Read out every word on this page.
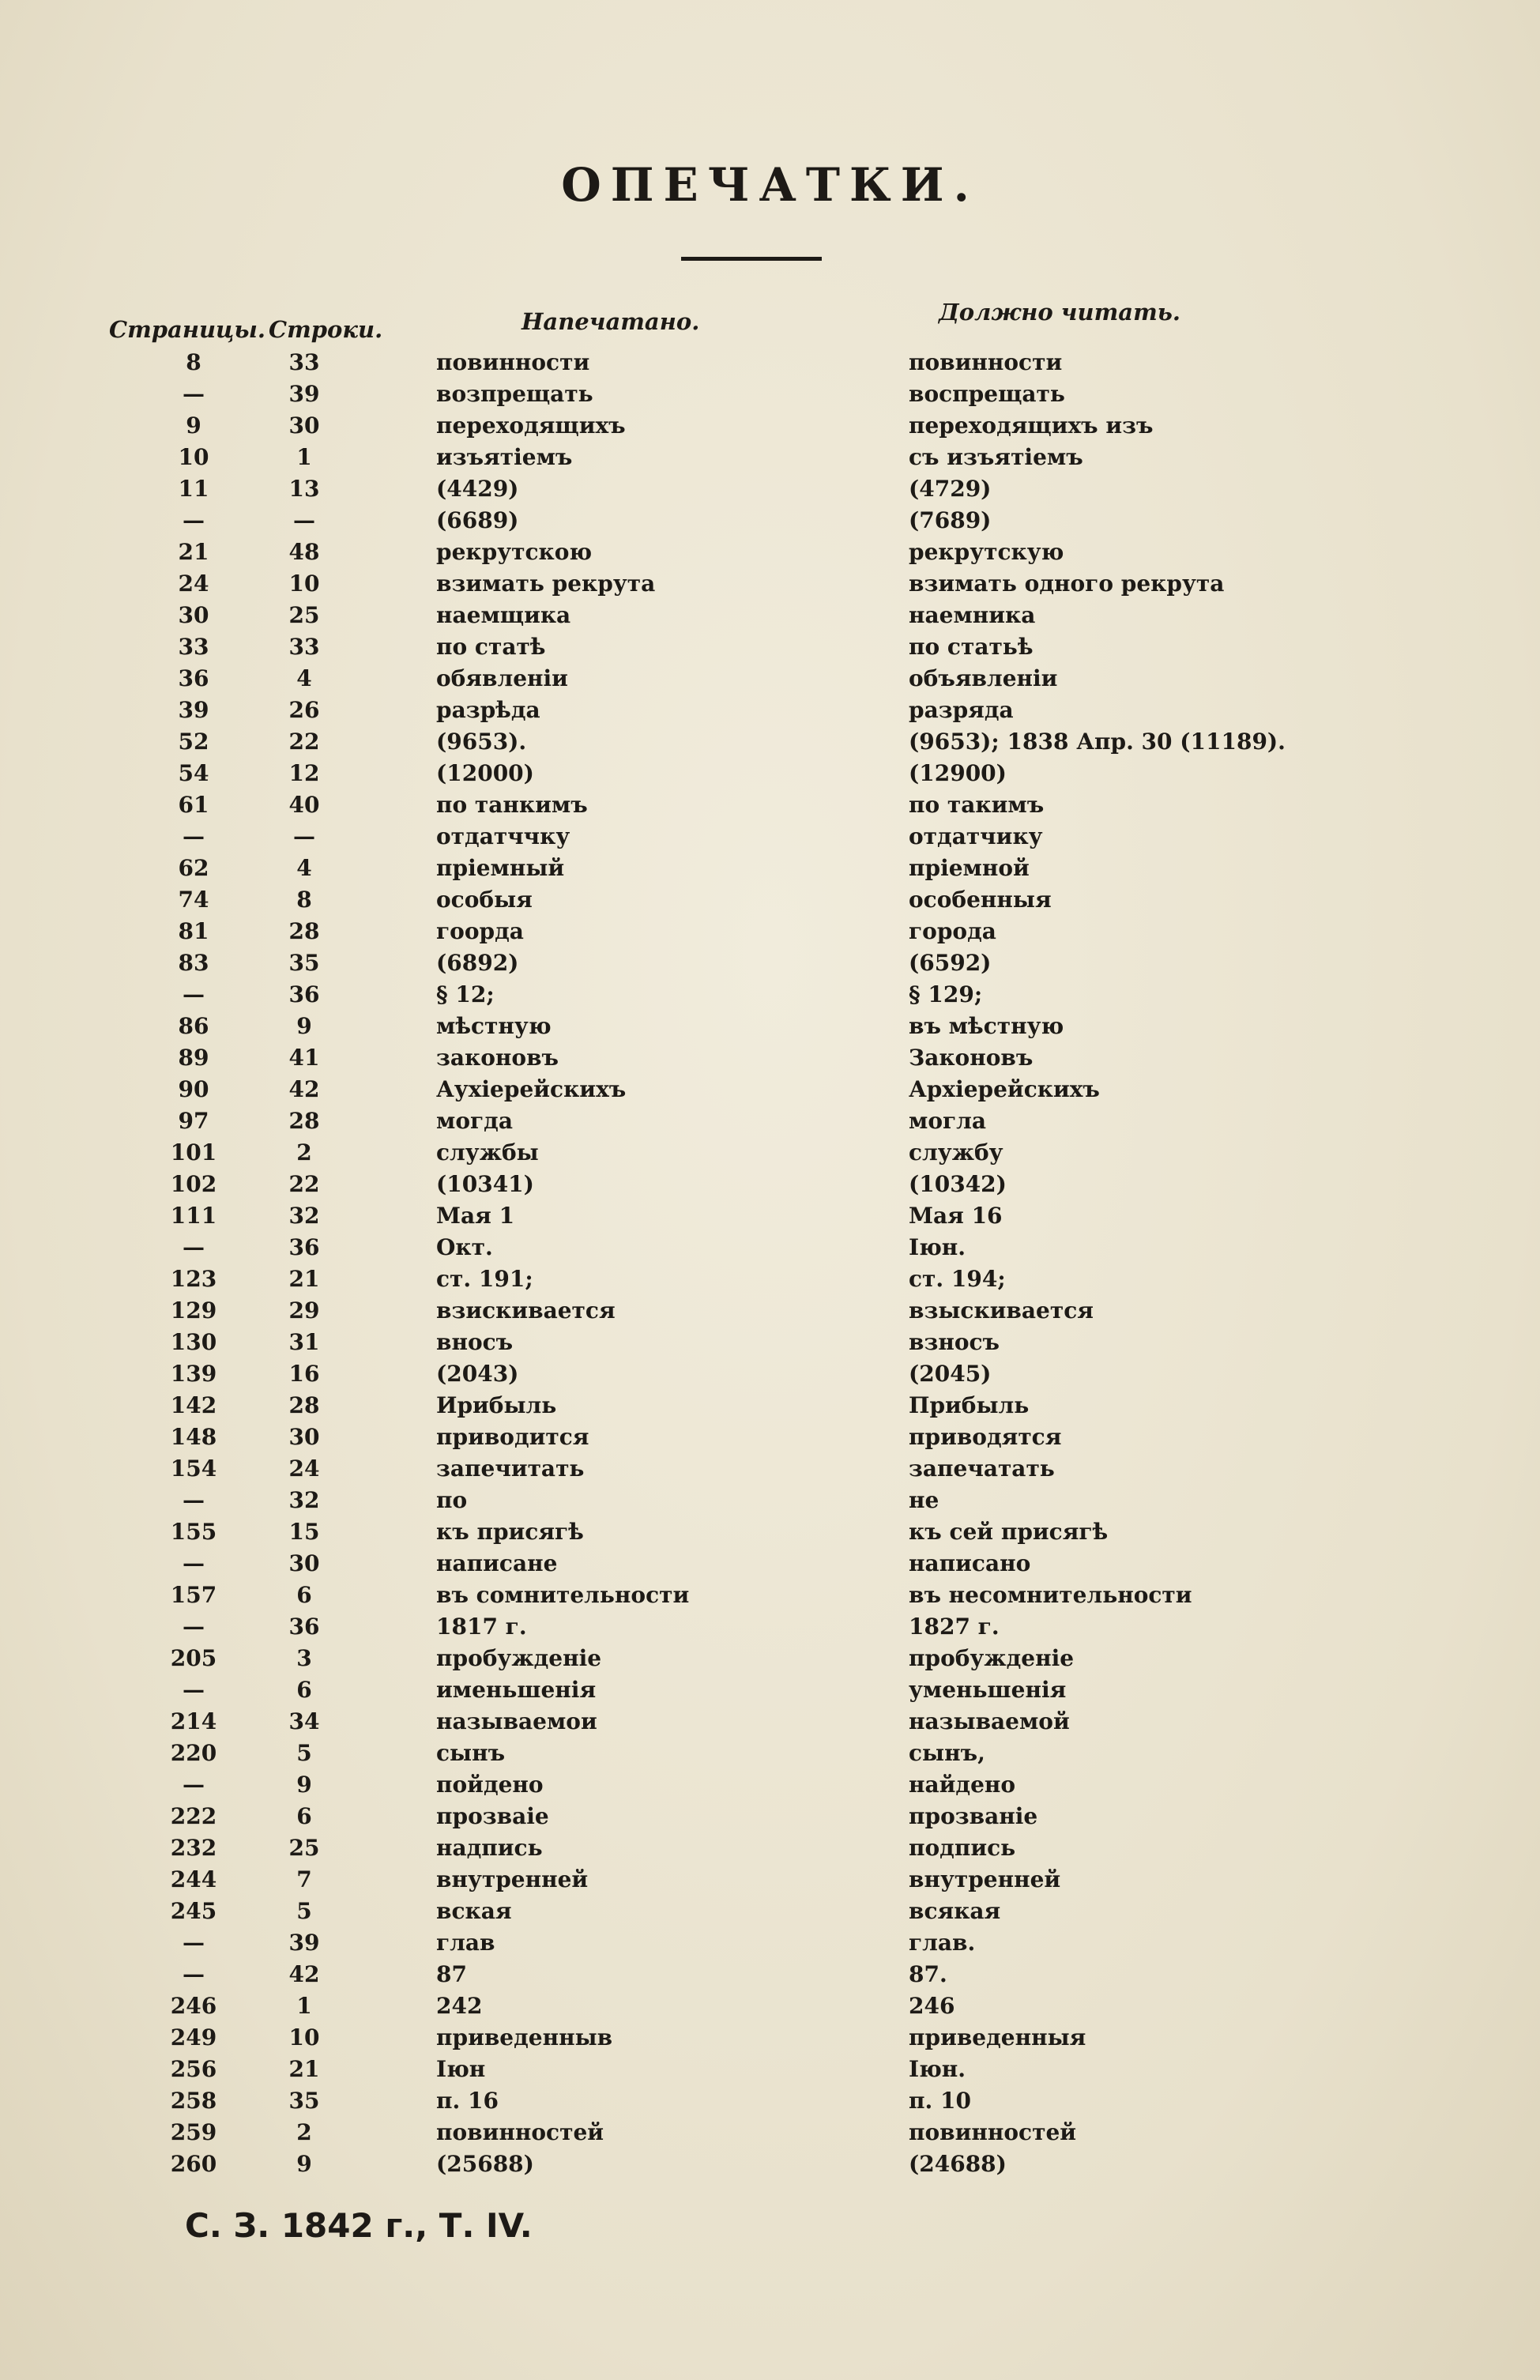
ОПЕЧАТКИ.
Страницы. Строки.	Напечатано.	Должно читать.
8	33	повинности	повинности
—	39	возпрещать	воспрещать
9	30	переходящихъ	переходящихъ изъ
10	1	изъятіемъ	съ изъятіемъ
11	13	(4429)	(4729)
—	—	(6689)	(7689)
21	48	рекрутскою	рекрутскую
24	10	взимать рекрута	взимать одного рекрута
30	25	наемщика	наемника
33	33	по статѣ	по статьѣ
36	4	обявленіи	объявленіи
39	26	разрѣда	разряда
52	22	(9653).	(9653); 1838 Апр. 30 (11189).
54	12	(12000)	(12900)
61	40	по танкимъ	по такимъ
—	—	отдатччку	отдатчику
62	4	пріемный	пріемной
74	8	особыя	особенныя
81	28	гоорда	города
83	35	(6892)	(6592)
—	36	§ 12;	§ 129;
86	9	мѣстную	въ мѣстную
89	41	законовъ	Законовъ
90	42	Аухіерейскихъ	Архіерейскихъ
97	28	могда	могла
101	2	службы	службу
102	22	(10341)	(10342)
111	32	Мая 1	Мая 16
—	36	Окт.	Іюн.
123	21	ст. 191;	ст. 194;
129	29	взискивается	взыскивается
130	31	вносъ	взносъ
139	16	(2043)	(2045)
142	28	Ирибыль	Прибыль
148	30	приводится	приводятся
154	24	запечитать	запечатать
—	32	по	не
155	15	къ присягѣ	къ сей присягѣ
—	30	написане	написано
157	6	въ сомнительности	въ несомнительности
—	36	1817 г.	1827 г.
205	3	пробужденіе	пробужденіе
—	6	именьшенія	уменьшенія
214	34	называемои	называемой
220	5	сынъ	сынъ,
—	9	пойдено	найдено
222	6	прозваіе	прозваніе
232	25	надпись	подпись
244	7	внутренней	внутренней
245	5	вская	всякая
—	39	глав	глав.
—	42	87	87.
246	1	242	246
249	10	приведенныв	приведенныя
256	21	Іюн	Іюн.
258	35	п. 16	п. 10
259	2	повинностей	повинностей
260	9	(25688)	(24688)
С. З. 1842 г., Т. IV.
